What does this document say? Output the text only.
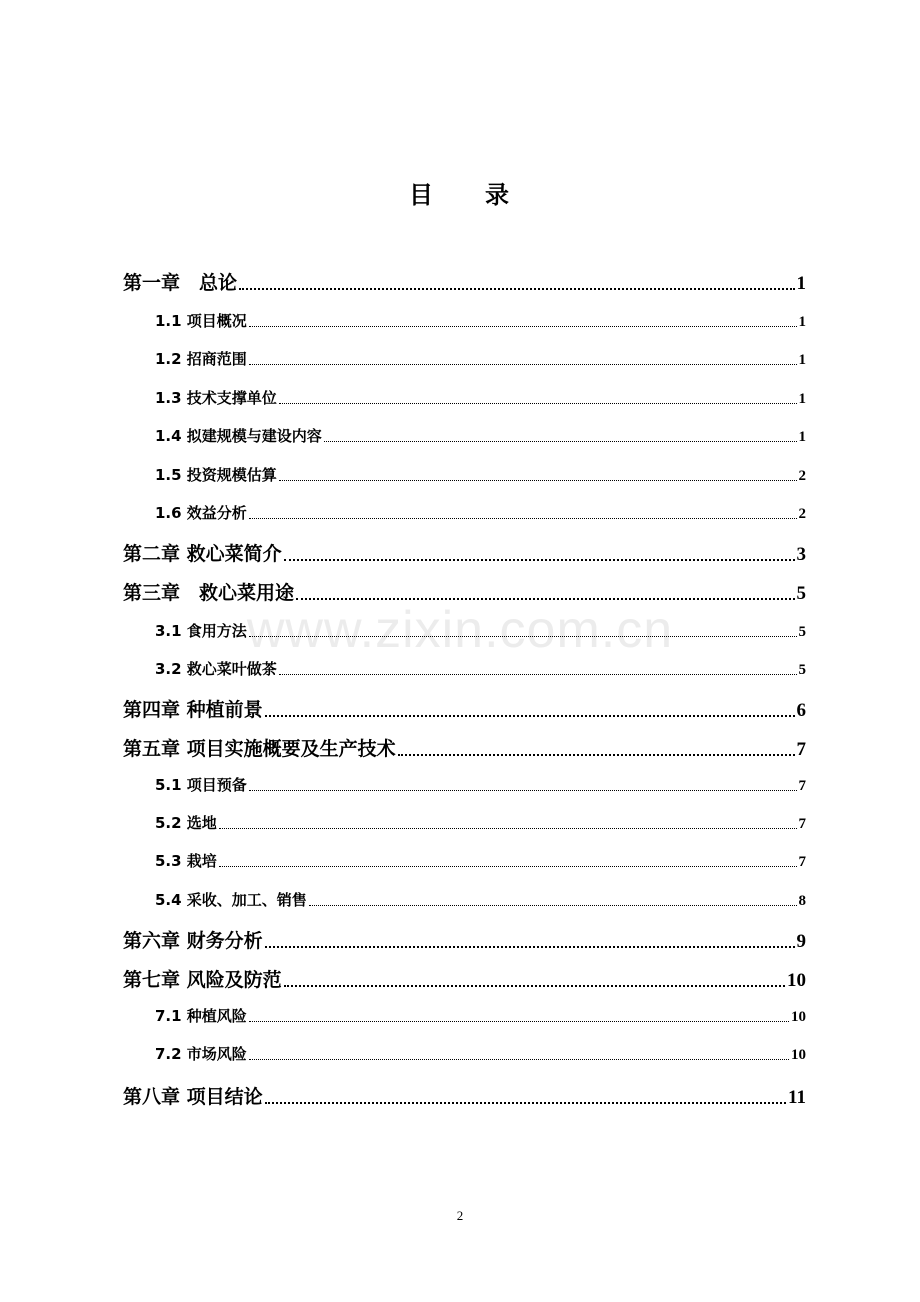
目 录
www.zixin.com.cn
第一章　总论	1
1.1 项目概况	1
1.2 招商范围	1
1.3 技术支撑单位	1
1.4 拟建规模与建设内容	1
1.5 投资规模估算	2
1.6 效益分析	2
第二章 救心菜简介	3
第三章　救心菜用途	5
3.1 食用方法	5
3.2 救心菜叶做茶	5
第四章 种植前景	6
第五章 项目实施概要及生产技术	7
5.1 项目预备	7
5.2 选地	7
5.3 栽培	7
5.4 采收、加工、销售	8
第六章 财务分析	9
第七章 风险及防范	10
7.1 种植风险	10
7.2 市场风险	10
第八章 项目结论	11
2
